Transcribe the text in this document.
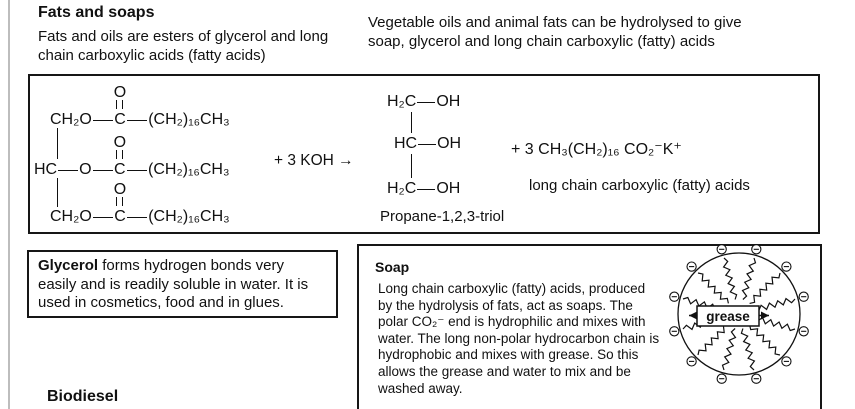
Fats and soaps
Fats and oils are esters of glycerol and long
chain carboxylic acids (fatty acids)
Vegetable oils and animal fats can be hydrolysed to give
soap, glycerol and long chain carboxylic (fatty) acids
CH₂O
O
C (CH₂)₁₆CH₃
HC O
O
C (CH₂)₁₆CH₃
CH₂O
O
C (CH₂)₁₆CH₃
+ 3 KOH →
H₂C OH
HC OH
H₂C OH
Propane-1,2,3-triol
+ 3 CH₃(CH₂)₁₆ CO₂⁻K⁺
long chain carboxylic (fatty) acids
Glycerol forms hydrogen bonds very
easily and is readily soluble in water. It is
used in cosmetics, food and in glues.
Soap
Long chain carboxylic (fatty) acids, produced
by the hydrolysis of fats, act as soaps. The
polar CO₂⁻ end is hydrophilic and mixes with
water. The long non-polar hydrocarbon chain is
hydrophobic and mixes with grease. So this
allows the grease and water to mix and be
washed away.
grease
Biodiesel
